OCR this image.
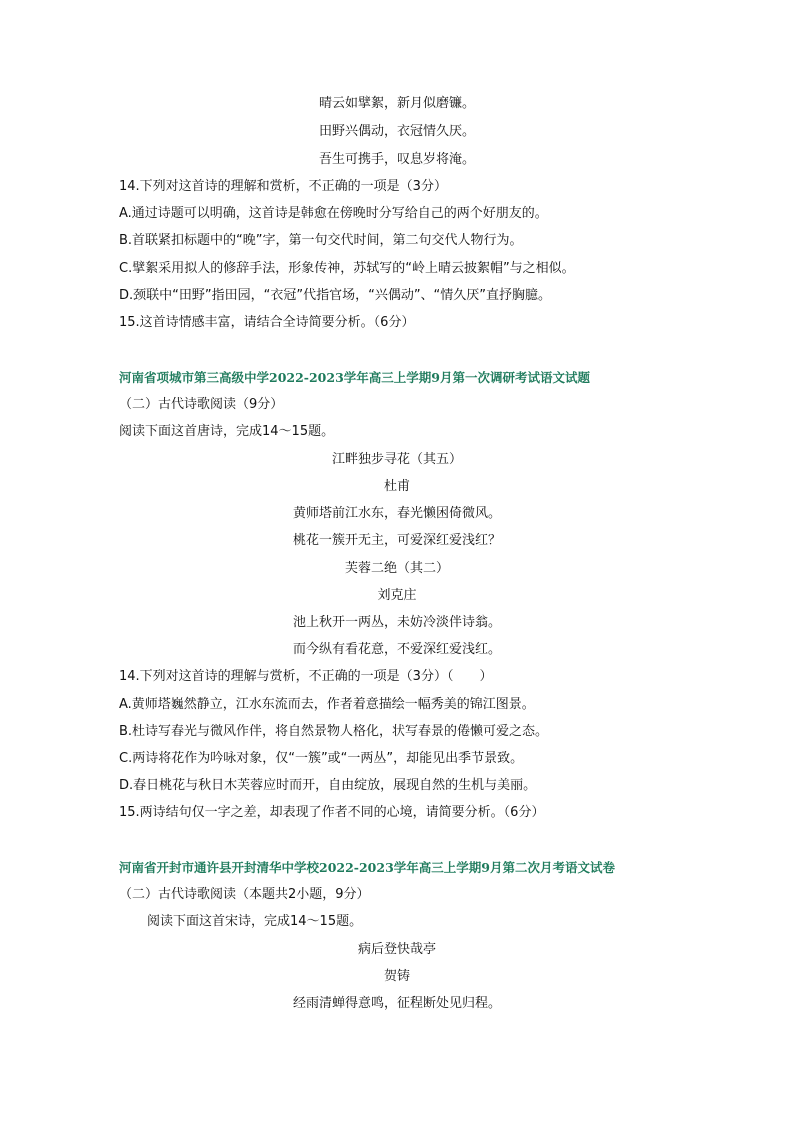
晴云如擘絮，新月似磨镰。
田野兴偶动，衣冠情久厌。
吾生可携手，叹息岁将淹。
14.下列对这首诗的理解和赏析，不正确的一项是（3分）
A.通过诗题可以明确，这首诗是韩愈在傍晚时分写给自己的两个好朋友的。
B.首联紧扣标题中的“晚”字，第一句交代时间，第二句交代人物行为。
C.擘絮采用拟人的修辞手法，形象传神，苏轼写的“岭上晴云披絮帽”与之相似。
D.颈联中“田野”指田园，“衣冠”代指官场，“兴偶动”、“情久厌”直抒胸臆。
15.这首诗情感丰富，请结合全诗简要分析。（6分）
河南省项城市第三高级中学2022-2023学年高三上学期9月第一次调研考试语文试题
（二）古代诗歌阅读（9分）
阅读下面这首唐诗，完成14～15题。
江畔独步寻花（其五）
杜甫
黄师塔前江水东，春光懒困倚微风。
桃花一簇开无主，可爱深红爱浅红？
芙蓉二绝（其二）
刘克庄
池上秋开一两丛，未妨冷淡伴诗翁。
而今纵有看花意，不爱深红爱浅红。
14.下列对这首诗的理解与赏析，不正确的一项是（3分）（　　）
A.黄师塔巍然静立，江水东流而去，作者着意描绘一幅秀美的锦江图景。
B.杜诗写春光与微风作伴，将自然景物人格化，状写春景的倦懒可爱之态。
C.两诗将花作为吟咏对象，仅“一簇”或“一两丛”，却能见出季节景致。
D.春日桃花与秋日木芙蓉应时而开，自由绽放，展现自然的生机与美丽。
15.两诗结句仅一字之差，却表现了作者不同的心境，请简要分析。（6分）
河南省开封市通许县开封清华中学校2022-2023学年高三上学期9月第二次月考语文试卷
（二）古代诗歌阅读（本题共2小题，9分）
阅读下面这首宋诗，完成14～15题。
病后登快哉亭
贺铸
经雨清蝉得意鸣，征程断处见归程。
